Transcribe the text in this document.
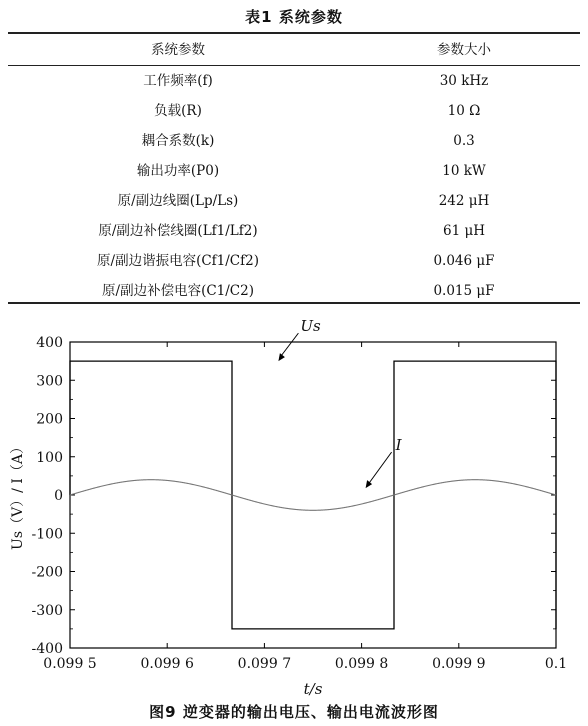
表1 系统参数
系统参数	参数大小
工作频率(f)	30 kHz
负载(R)	10 Ω
耦合系数(k)	0.3
输出功率(P0)	10 kW
原/副边线圈(Lp/Ls)	242 μH
原/副边补偿线圈(Lf1/Lf2)	61 μH
原/副边谐振电容(Cf1/Cf2)	0.046 μF
原/副边补偿电容(C1/C2)	0.015 μF
400
300
200
100
0
-100
-200
-300
-400
0.099 5	0.099 6	0.099 7	0.099 8	0.099 9	0.1
t/s
Us（V）/ I（A）
Us
I
图9 逆变器的输出电压、输出电流波形图
